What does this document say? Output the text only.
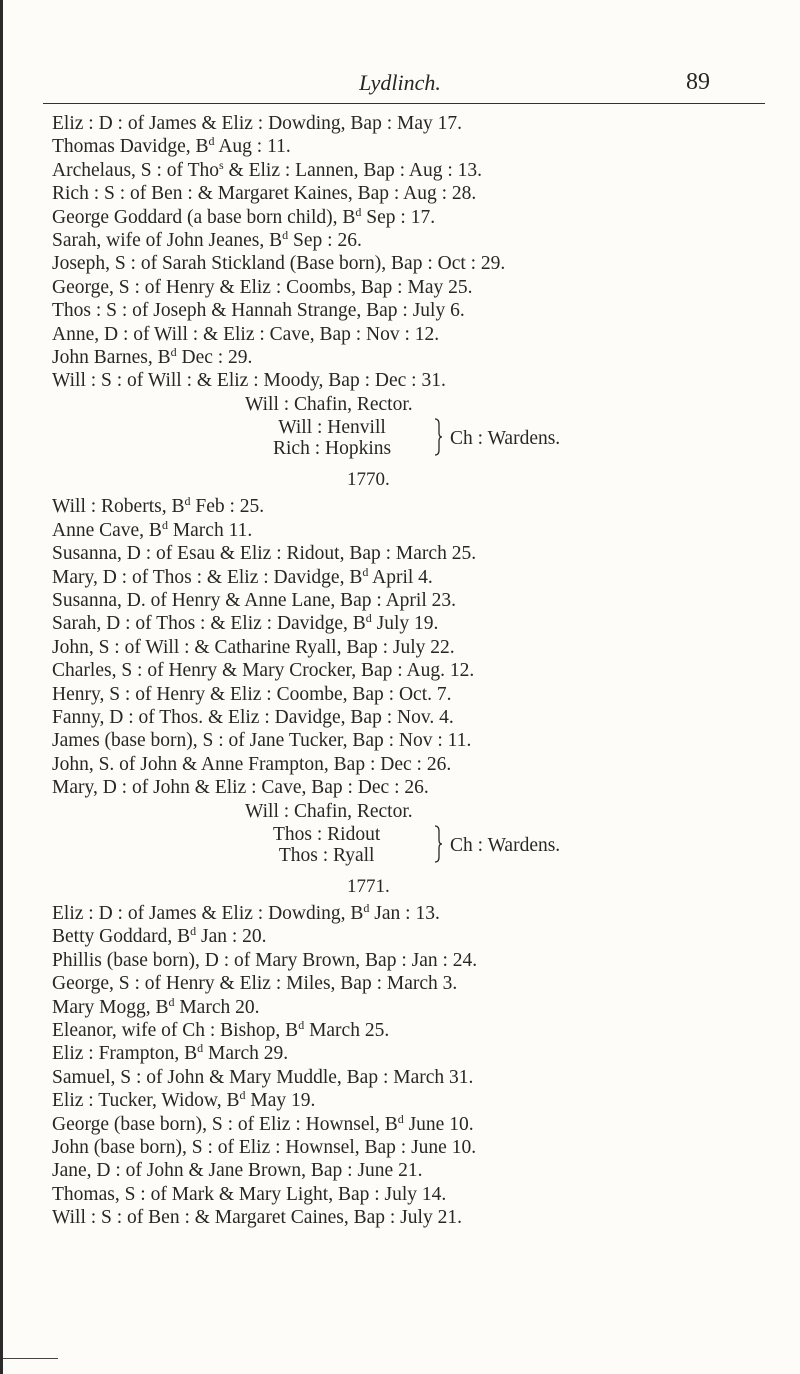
Lydlinch.	89
Eliz : D : of James & Eliz : Dowding, Bap : May 17.
Thomas Davidge, $B^d$ Aug : 11.
Archelaus, S : of Tho$^s$ & Eliz : Lannen, Bap : Aug : 13.
Rich : S : of Ben : & Margaret Kaines, Bap : Aug : 28.
George Goddard (a base born child), $B^d$ Sep : 17.
Sarah, wife of John Jeanes, $B^d$ Sep : 26.
Joseph, S : of Sarah Stickland (Base born), Bap : Oct : 29.
George, S : of Henry & Eliz : Coombs, Bap : May 25.
Thos : S : of Joseph & Hannah Strange, Bap : July 6.
Anne, D : of Will : & Eliz : Cave, Bap : Nov : 12.
John Barnes, $B^d$ Dec : 29.
Will : S : of Will : & Eliz : Moody, Bap : Dec : 31.
Will : Chafin, Rector.
Will : Henvill
Rich : Hopkins	Ch : Wardens.
1770.
Will : Roberts, $B^d$ Feb : 25.
Anne Cave, $B^d$ March 11.
Susanna, D : of Esau & Eliz : Ridout, Bap : March 25.
Mary, D : of Thos : & Eliz : Davidge, $B^d$ April 4.
Susanna, D. of Henry & Anne Lane, Bap : April 23.
Sarah, D : of Thos : & Eliz : Davidge, $B^d$ July 19.
John, S : of Will : & Catharine Ryall, Bap : July 22.
Charles, S : of Henry & Mary Crocker, Bap : Aug. 12.
Henry, S : of Henry & Eliz : Coombe, Bap : Oct. 7.
Fanny, D : of Thos. & Eliz : Davidge, Bap : Nov. 4.
James (base born), S : of Jane Tucker, Bap : Nov : 11.
John, S. of John & Anne Frampton, Bap : Dec : 26.
Mary, D : of John & Eliz : Cave, Bap : Dec : 26.
Will : Chafin, Rector.
Thos : Ridout
Thos : Ryall	Ch : Wardens.
1771.
Eliz : D : of James & Eliz : Dowding, $B^d$ Jan : 13.
Betty Goddard, $B^d$ Jan : 20.
Phillis (base born), D : of Mary Brown, Bap : Jan : 24.
George, S : of Henry & Eliz : Miles, Bap : March 3.
Mary Mogg, $B^d$ March 20.
Eleanor, wife of Ch : Bishop, $B^d$ March 25.
Eliz : Frampton, $B^d$ March 29.
Samuel, S : of John & Mary Muddle, Bap : March 31.
Eliz : Tucker, Widow, $B^d$ May 19.
George (base born), S : of Eliz : Hownsel, $B^d$ June 10.
John (base born), S : of Eliz : Hownsel, Bap : June 10.
Jane, D : of John & Jane Brown, Bap : June 21.
Thomas, S : of Mark & Mary Light, Bap : July 14.
Will : S : of Ben : & Margaret Caines, Bap : July 21.
